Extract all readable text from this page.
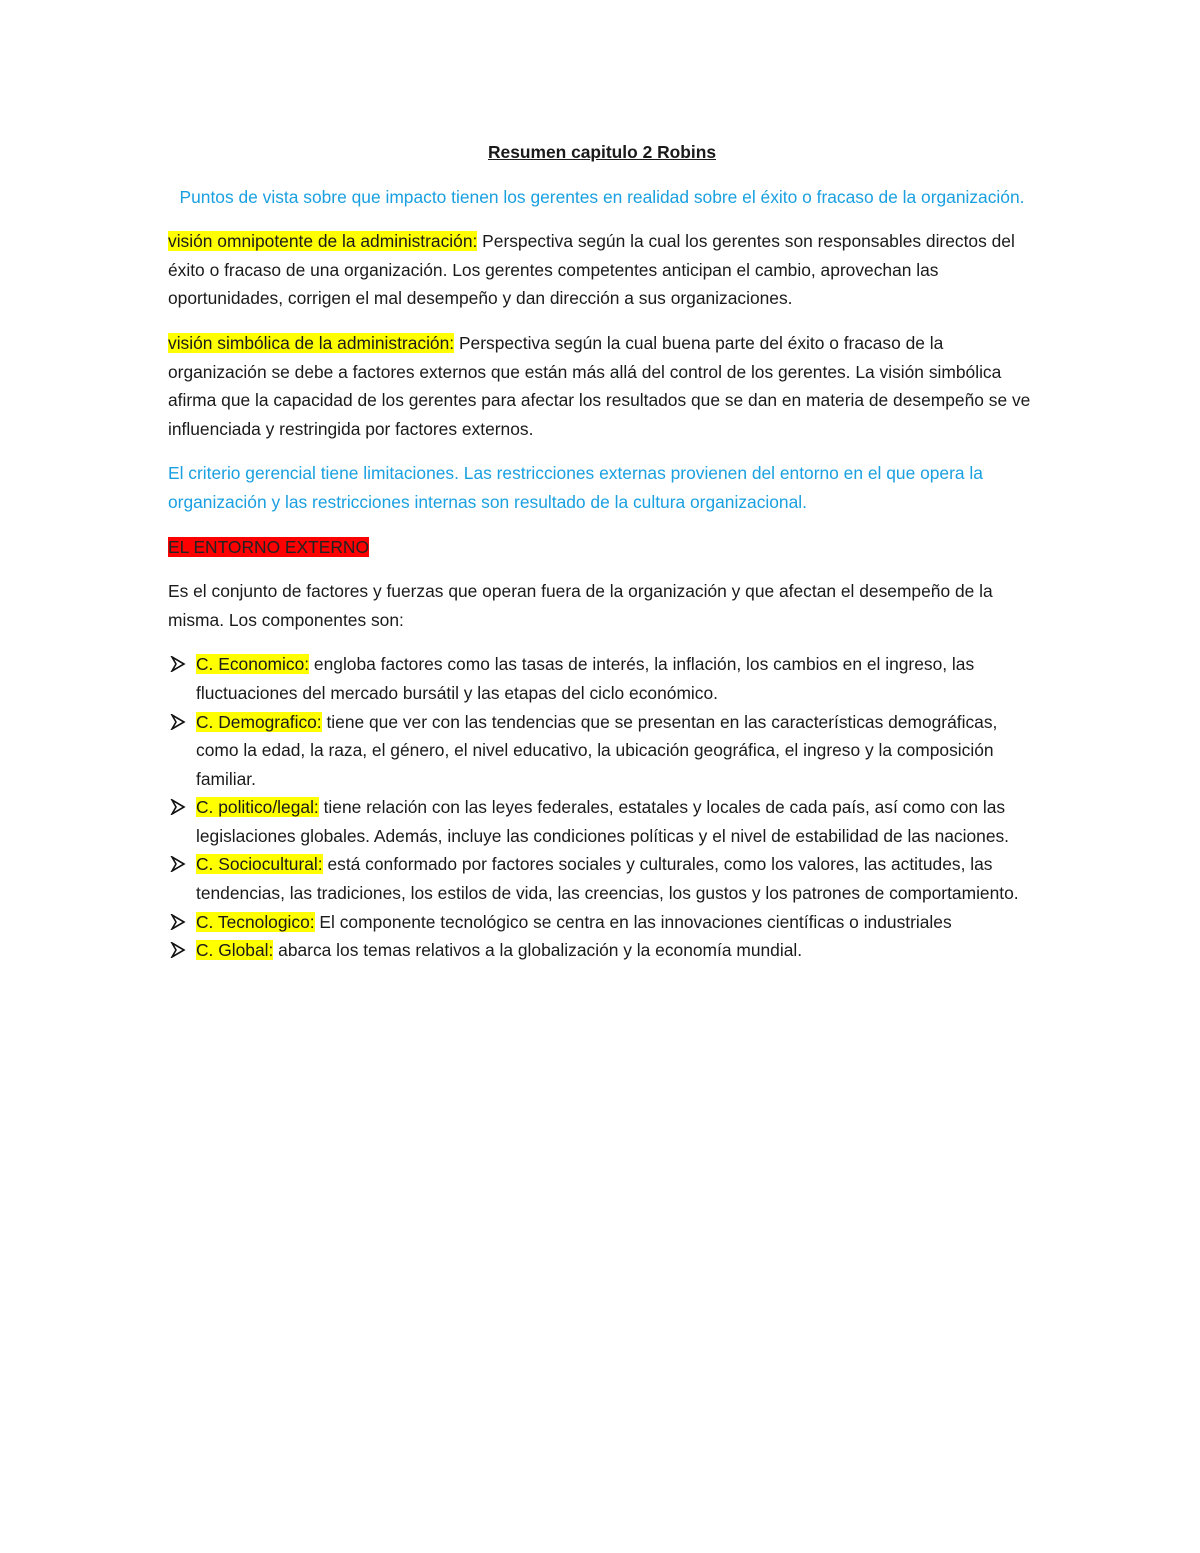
Resumen capitulo 2 Robins
Puntos de vista sobre que impacto tienen los gerentes en realidad sobre el éxito o fracaso de la organización.

visión omnipotente de la administración: Perspectiva según la cual los gerentes son responsables directos del éxito o fracaso de una organización. Los gerentes competentes anticipan el cambio, aprovechan las oportunidades, corrigen el mal desempeño y dan dirección a sus organizaciones.

visión simbólica de la administración: Perspectiva según la cual buena parte del éxito o fracaso de la organización se debe a factores externos que están más allá del control de los gerentes. La visión simbólica afirma que la capacidad de los gerentes para afectar los resultados que se dan en materia de desempeño se ve influenciada y restringida por factores externos.

El criterio gerencial tiene limitaciones. Las restricciones externas provienen del entorno en el que opera la organización y las restricciones internas son resultado de la cultura organizacional.

EL ENTORNO EXTERNO

Es el conjunto de factores y fuerzas que operan fuera de la organización y que afectan el desempeño de la misma. Los componentes son:

C. Economico: engloba factores como las tasas de interés, la inflación, los cambios en el ingreso, las fluctuaciones del mercado bursátil y las etapas del ciclo económico.
C. Demografico: tiene que ver con las tendencias que se presentan en las características demográficas, como la edad, la raza, el género, el nivel educativo, la ubicación geográfica, el ingreso y la composición familiar.
C. politico/legal: tiene relación con las leyes federales, estatales y locales de cada país, así como con las legislaciones globales. Además, incluye las condiciones políticas y el nivel de estabilidad de las naciones.
C. Sociocultural: está conformado por factores sociales y culturales, como los valores, las actitudes, las tendencias, las tradiciones, los estilos de vida, las creencias, los gustos y los patrones de comportamiento.
C. Tecnologico: El componente tecnológico se centra en las innovaciones científicas o industriales
C. Global: abarca los temas relativos a la globalización y la economía mundial.
